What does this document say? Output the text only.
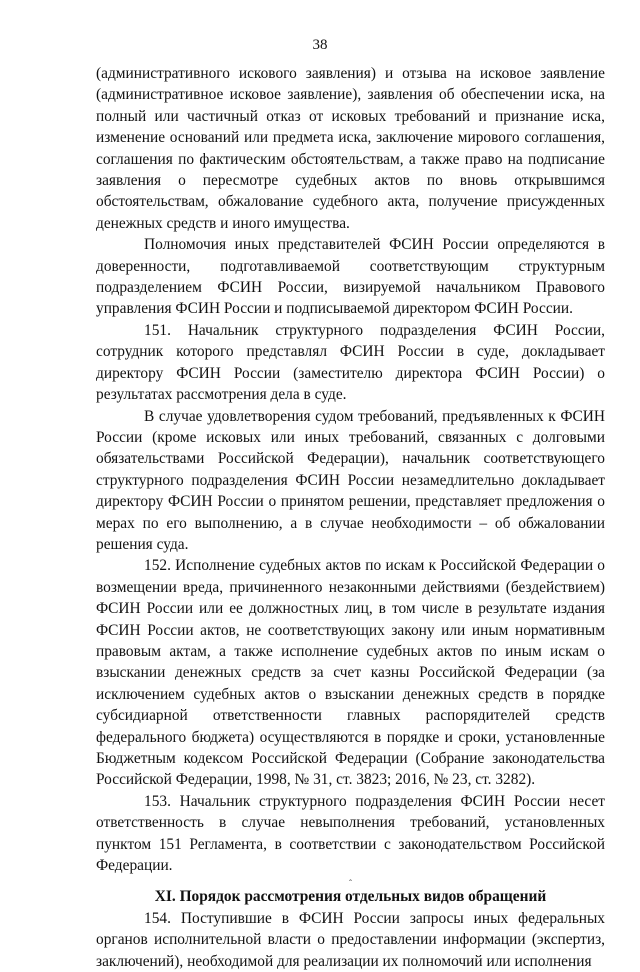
38

(административного искового заявления) и отзыва на исковое заявление (административное исковое заявление), заявления об обеспечении иска, на полный или частичный отказ от исковых требований и признание иска, изменение оснований или предмета иска, заключение мирового соглашения, соглашения по фактическим обстоятельствам, а также право на подписание заявления о пересмотре судебных актов по вновь открывшимся обстоятельствам, обжалование судебного акта, получение присужденных денежных средств и иного имущества.

Полномочия иных представителей ФСИН России определяются в доверенности, подготавливаемой соответствующим структурным подразделением ФСИН России, визируемой начальником Правового управления ФСИН России и подписываемой директором ФСИН России.

151. Начальник структурного подразделения ФСИН России, сотрудник которого представлял ФСИН России в суде, докладывает директору ФСИН России (заместителю директора ФСИН России) о результатах рассмотрения дела в суде.

В случае удовлетворения судом требований, предъявленных к ФСИН России (кроме исковых или иных требований, связанных с долговыми обязательствами Российской Федерации), начальник соответствующего структурного подразделения ФСИН России незамедлительно докладывает директору ФСИН России о принятом решении, представляет предложения о мерах по его выполнению, а в случае необходимости – об обжаловании решения суда.

152. Исполнение судебных актов по искам к Российской Федерации о возмещении вреда, причиненного незаконными действиями (бездействием) ФСИН России или ее должностных лиц, в том числе в результате издания ФСИН России актов, не соответствующих закону или иным нормативным правовым актам, а также исполнение судебных актов по иным искам о взыскании денежных средств за счет казны Российской Федерации (за исключением судебных актов о взыскании денежных средств в порядке субсидиарной ответственности главных распорядителей средств федерального бюджета) осуществляются в порядке и сроки, установленные Бюджетным кодексом Российской Федерации (Собрание законодательства Российской Федерации, 1998, № 31, ст. 3823; 2016, № 23, ст. 3282).

153. Начальник структурного подразделения ФСИН России несет ответственность в случае невыполнения требований, установленных пунктом 151 Регламента, в соответствии с законодательством Российской Федерации.

ˆ

XI. Порядок рассмотрения отдельных видов обращений

154. Поступившие в ФСИН России запросы иных федеральных органов исполнительной власти о предоставлении информации (экспертиз, заключений), необходимой для реализации их полномочий или исполнения
